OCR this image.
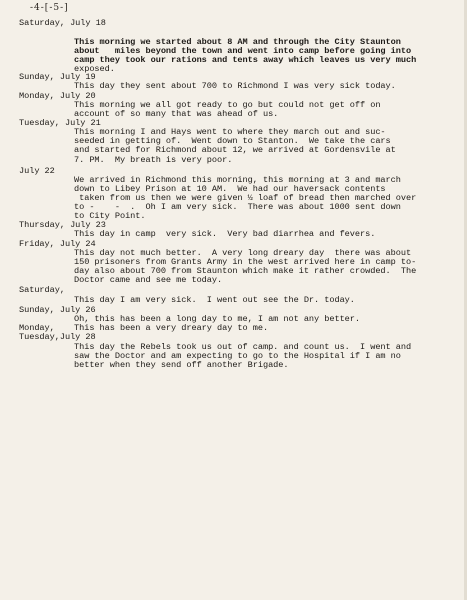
-4-[-5-]
Saturday, July 18
This morning we started about 8 AM and through the City Staunton
about   miles beyond the town and went into camp before going into
camp they took our rations and tents away which leaves us very much
exposed.
Sunday, July 19
This day they sent about 700 to Richmond I was very sick today.
Monday, July 20
This morning we all got ready to go but could not get off on
account of so many that was ahead of us.
Tuesday, July 21
This morning I and Hays went to where they march out and suc-
seeded in getting of.  Went down to Stanton.  We take the cars
and started for Richmond about 12, we arrived at Gordensvile at
7. PM.  My breath is very poor.
July 22
We arrived in Richmond this morning, this morning at 3 and march
down to Libey Prison at 10 AM.  We had our haversack contents
taken from us then we were given ½ loaf of bread then marched over
to -    -  .  Oh I am very sick.  There was about 1000 sent down
to City Point.
Thursday, July 23
This day in camp  very sick.  Very bad diarrhea and fevers.
Friday, July 24
This day not much better.  A very long dreary day  there was about
150 prisoners from Grants Army in the west arrived here in camp to-
day also about 700 from Staunton which make it rather crowded.  The
Doctor came and see me today.
Saturday,
This day I am very sick.  I went out see the Dr. today.
Sunday, July 26
Oh, this has been a long day to me, I am not any better.
Monday, This has been a very dreary day to me.
Tuesday,July 28
This day the Rebels took us out of camp. and count us.  I went and
saw the Doctor and am expecting to go to the Hospital if I am no
better when they send off another Brigade.
